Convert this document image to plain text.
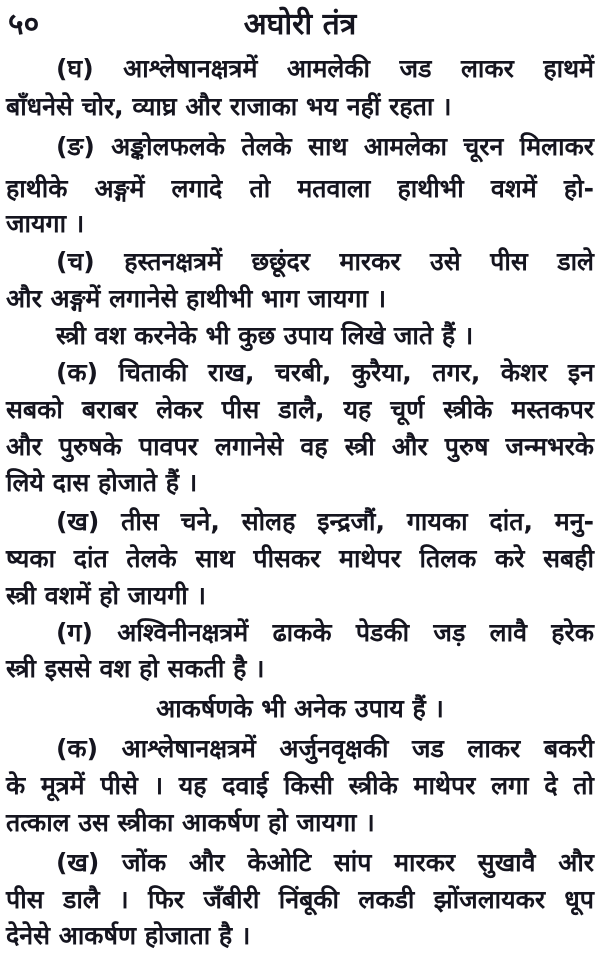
५०	अघोरी तंत्र
(घ) आश्लेषानक्षत्रमें आमलेकी जड लाकर हाथमें
बाँधनेसे चोर, व्याघ्र और राजाका भय नहीं रहता ।
(ङ) अङ्कोलफलके तेलके साथ आमलेका चूरन मिलाकर
हाथीके अङ्गमें लगादे तो मतवाला हाथीभी वशमें हो-
जायगा ।
(च) हस्तनक्षत्रमें छछूंदर मारकर उसे पीस डाले
और अङ्गमें लगानेसे हाथीभी भाग जायगा ।
स्त्री वश करनेके भी कुछ उपाय लिखे जाते हैं ।
(क) चिताकी राख, चरबी, कुरैया, तगर, केशर इन
सबको बराबर लेकर पीस डालै, यह चूर्ण स्त्रीके मस्तकपर
और पुरुषके पावपर लगानेसे वह स्त्री और पुरुष जन्मभरके
लिये दास होजाते हैं ।
(ख) तीस चने, सोलह इन्द्रजौं, गायका दांत, मनु-
ष्यका दांत तेलके साथ पीसकर माथेपर तिलक करे सबही
स्त्री वशमें हो जायगी ।
(ग) अश्विनीनक्षत्रमें ढाकके पेडकी जड़ लावै हरेक
स्त्री इससे वश हो सकती है ।
आकर्षणके भी अनेक उपाय हैं ।
(क) आश्लेषानक्षत्रमें अर्जुनवृक्षकी जड लाकर बकरी
के मूत्रमें पीसे । यह दवाई किसी स्त्रीके माथेपर लगा दे तो
तत्काल उस स्त्रीका आकर्षण हो जायगा ।
(ख) जोंक और केओटि सांप मारकर सुखावै और
पीस डालै । फिर जँबीरी निंबूकी लकडी झोंजलायकर धूप
देनेसे आकर्षण होजाता है ।
